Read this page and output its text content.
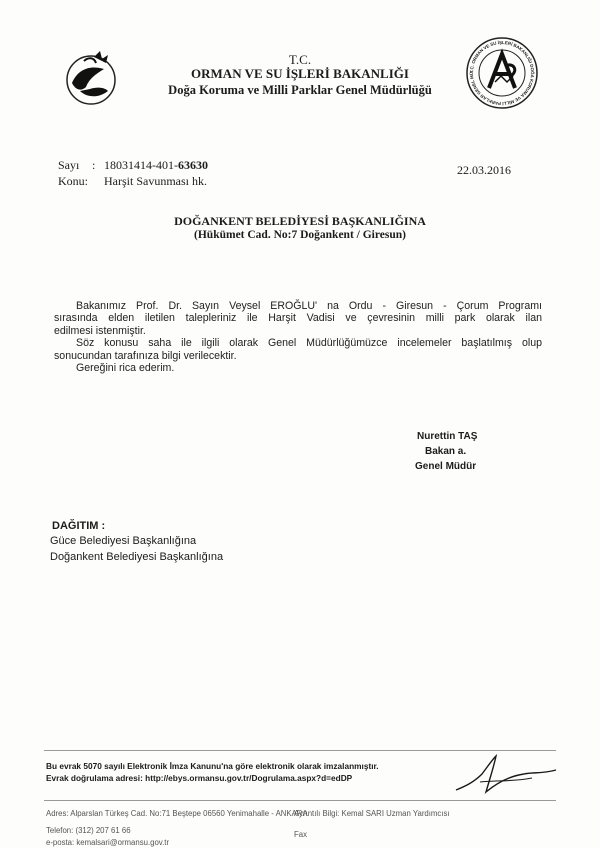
T.C. ORMAN VE SU İŞLERİ BAKANLIĞI DOĞA KORUMA VE MİLLİ PARKLAR GENEL MÜ
T.C.
ORMAN VE SU İŞLERİ BAKANLIĞI
Doğa Koruma ve Milli Parklar Genel Müdürlüğü
Sayı : 18031414-401-63630	22.03.2016
Konu: Harşit Savunması hk.
DOĞANKENT BELEDİYESİ BAŞKANLIĞINA
(Hükümet Cad. No:7 Doğankent / Giresun)

Bakanımız Prof. Dr. Sayın Veysel EROĞLU' na Ordu - Giresun - Çorum Programı

sırasında elden iletilen talepleriniz ile Harşit Vadisi ve çevresinin milli park olarak ilan

edilmesi istenmiştir.

Söz konusu saha ile ilgili olarak Genel Müdürlüğümüzce incelemeler başlatılmış olup

sonucundan tarafınıza bilgi verilecektir.

Gereğini rica ederim.

Nurettin TAŞ
Bakan a.
Genel Müdür
DAĞITIM :
Güce Belediyesi Başkanlığına
Doğankent Belediyesi Başkanlığına
Bu evrak 5070 sayılı Elektronik İmza Kanunu'na göre elektronik olarak imzalanmıştır.
Evrak doğrulama adresi: http://ebys.ormansu.gov.tr/Dogrulama.aspx?d=edDP
Adres: Alparslan Türkeş Cad. No:71 Beştepe 06560 Yenimahalle - ANKARA
Telefon: (312) 207 61 66
e-posta: kemalsari@ormansu.gov.tr
Ayrıntılı Bilgi: Kemal SARI Uzman Yardımcısı
Fax
